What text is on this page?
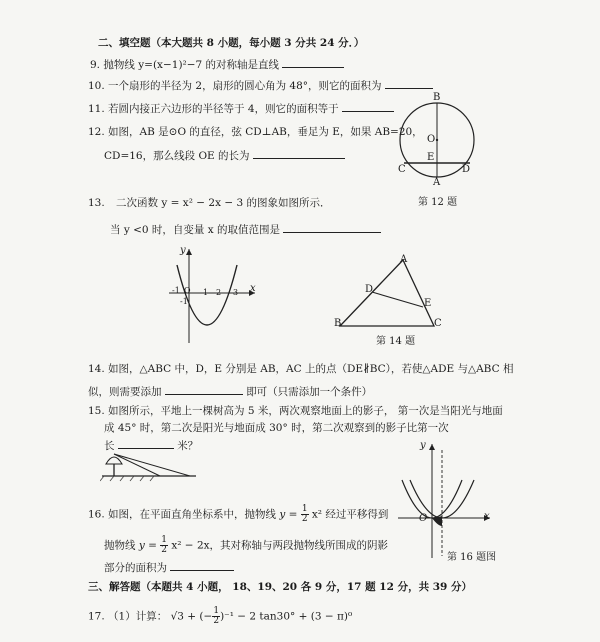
二、填空题（本大题共 8 小题，每小题 3 分共 24 分．）
9. 抛物线 y=(x−1)²−7 的对称轴是直线
10. 一个扇形的半径为 2，扇形的圆心角为 48°，则它的面积为
11. 若圆内接正六边形的半径等于 4，则它的面积等于
12. 如图，AB 是⊙O 的直径，弦 CD⊥AB，垂足为 E，如果 AB=20，
CD=16，那么线段 OE 的长为
B
O
E
C	D
A
第 12 题
13. 二次函数 y = x² − 2x − 3 的图象如图所示．
当 y <0 时，自变量 x 的取值范围是
y
x
-1 O 1 2 3
-1
A
D
E
B	C
第 14 题
14. 如图，△ABC 中，D，E 分别是 AB，AC 上的点（DE∦BC），若使△ADE 与△ABC 相
似，则需要添加	即可（只需添加一个条件）
15. 如图所示，平地上一棵树高为 5 米，两次观察地面上的影子， 第一次是当阳光与地面
成 45° 时，第二次是阳光与地面成 30° 时，第二次观察到的影子比第一次
长	米？
16. 如图，在平面直角坐标系中，抛物线 $y = \frac{1}{2} x^2$ 经过平移得到
抛物线 $y = \frac{1}{2} x^2 - 2x$，其对称轴与两段抛物线所围成的阴影
部分的面积为
y
x
O
第 16 题图
三、解答题（本题共 4 小题， 18、19、20 各 9 分，17 题 12 分，共 39 分）
17. （1）计算： √3 + (− $\frac{1}{2} )^{-1} - 2$ tan30° + (3 − π)⁰
